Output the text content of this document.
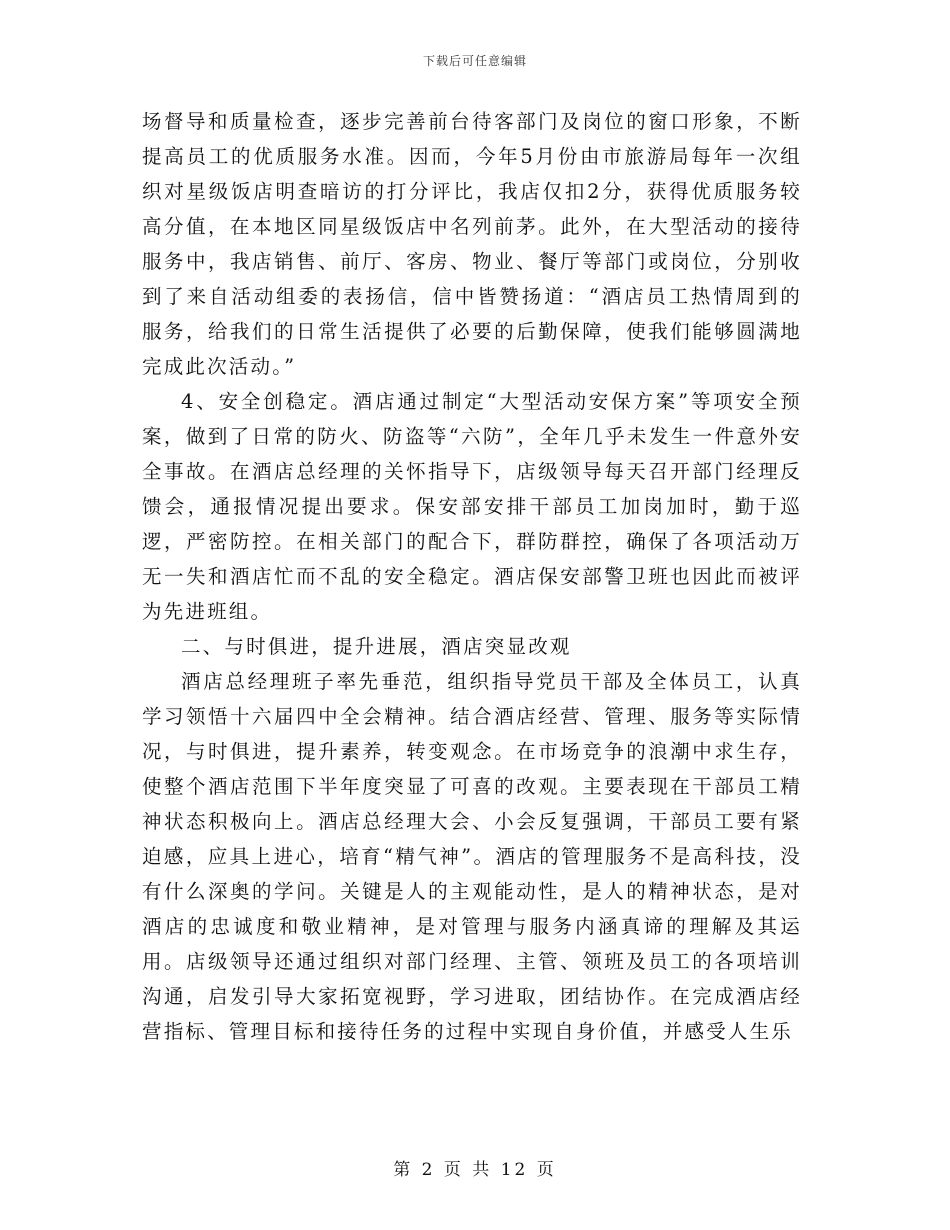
下载后可任意编辑

场督导和质量检查，逐步完善前台待客部门及岗位的窗口形象，不断提高员工的优质服务水准。因而，今年5月份由市旅游局每年一次组织对星级饭店明查暗访的打分评比，我店仅扣2分，获得优质服务较高分值，在本地区同星级饭店中名列前茅。此外，在大型活动的接待服务中，我店销售、前厅、客房、物业、餐厅等部门或岗位，分别收到了来自活动组委的表扬信，信中皆赞扬道：“酒店员工热情周到的服务，给我们的日常生活提供了必要的后勤保障，使我们能够圆满地完成此次活动。”

4、安全创稳定。酒店通过制定“大型活动安保方案”等项安全预案，做到了日常的防火、防盗等“六防”，全年几乎未发生一件意外安全事故。在酒店总经理的关怀指导下，店级领导每天召开部门经理反馈会，通报情况提出要求。保安部安排干部员工加岗加时，勤于巡逻，严密防控。在相关部门的配合下，群防群控，确保了各项活动万无一失和酒店忙而不乱的安全稳定。酒店保安部警卫班也因此而被评为先进班组。

二、与时俱进，提升进展，酒店突显改观

酒店总经理班子率先垂范，组织指导党员干部及全体员工，认真学习领悟十六届四中全会精神。结合酒店经营、管理、服务等实际情况，与时俱进，提升素养，转变观念。在市场竞争的浪潮中求生存，使整个酒店范围下半年度突显了可喜的改观。主要表现在干部员工精神状态积极向上。酒店总经理大会、小会反复强调，干部员工要有紧迫感，应具上进心，培育“精气神”。酒店的管理服务不是高科技，没有什么深奥的学问。关键是人的主观能动性，是人的精神状态，是对酒店的忠诚度和敬业精神，是对管理与服务内涵真谛的理解及其运用。店级领导还通过组织对部门经理、主管、领班及员工的各项培训沟通，启发引导大家拓宽视野，学习进取，团结协作。在完成酒店经营指标、管理目标和接待任务的过程中实现自身价值，并感受人生乐

第 2 页 共 12 页
